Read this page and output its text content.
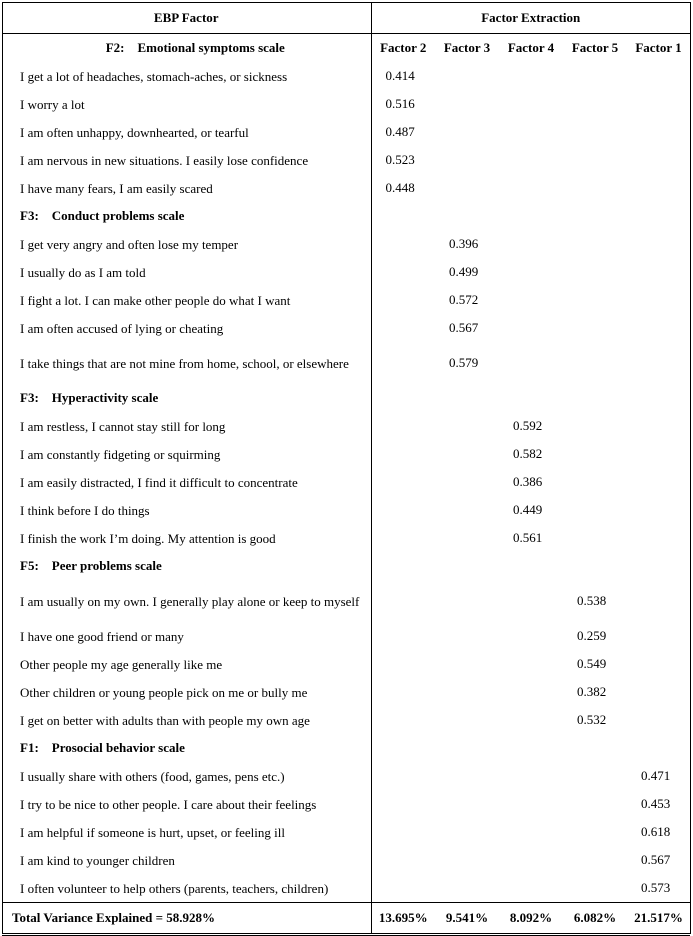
EBP Factor	Factor Extraction				
F2:    Emotional symptoms scale	Factor 2	Factor 3	Factor 4	Factor 5	Factor 1
I get a lot of headaches, stomach-aches, or sickness	0.414				
I worry a lot	0.516				
I am often unhappy, downhearted, or tearful	0.487				
I am nervous in new situations. I easily lose confidence	0.523				
I have many fears, I am easily scared	0.448				
F3:    Conduct problems scale					
I get very angry and often lose my temper		0.396			
I usually do as I am told		0.499			
I fight a lot. I can make other people do what I want		0.572			
I am often accused of lying or cheating		0.567			
I take things that are not mine from home, school, or elsewhere		0.579			
F3:    Hyperactivity scale					
I am restless, I cannot stay still for long			0.592		
I am constantly fidgeting or squirming			0.582		
I am easily distracted, I find it difficult to concentrate			0.386		
I think before I do things			0.449		
I finish the work I’m doing. My attention is good			0.561		
F5:    Peer problems scale					
I am usually on my own. I generally play alone or keep to myself				0.538	
I have one good friend or many				0.259	
Other people my age generally like me				0.549	
Other children or young people pick on me or bully me				0.382	
I get on better with adults than with people my own age				0.532	
F1:    Prosocial behavior scale					
I usually share with others (food, games, pens etc.)					0.471
I try to be nice to other people. I care about their feelings					0.453
I am helpful if someone is hurt, upset, or feeling ill					0.618
I am kind to younger children					0.567
I often volunteer to help others (parents, teachers, children)					0.573
Total Variance Explained = 58.928%	13.695%	9.541%	8.092%	6.082%	21.517%
